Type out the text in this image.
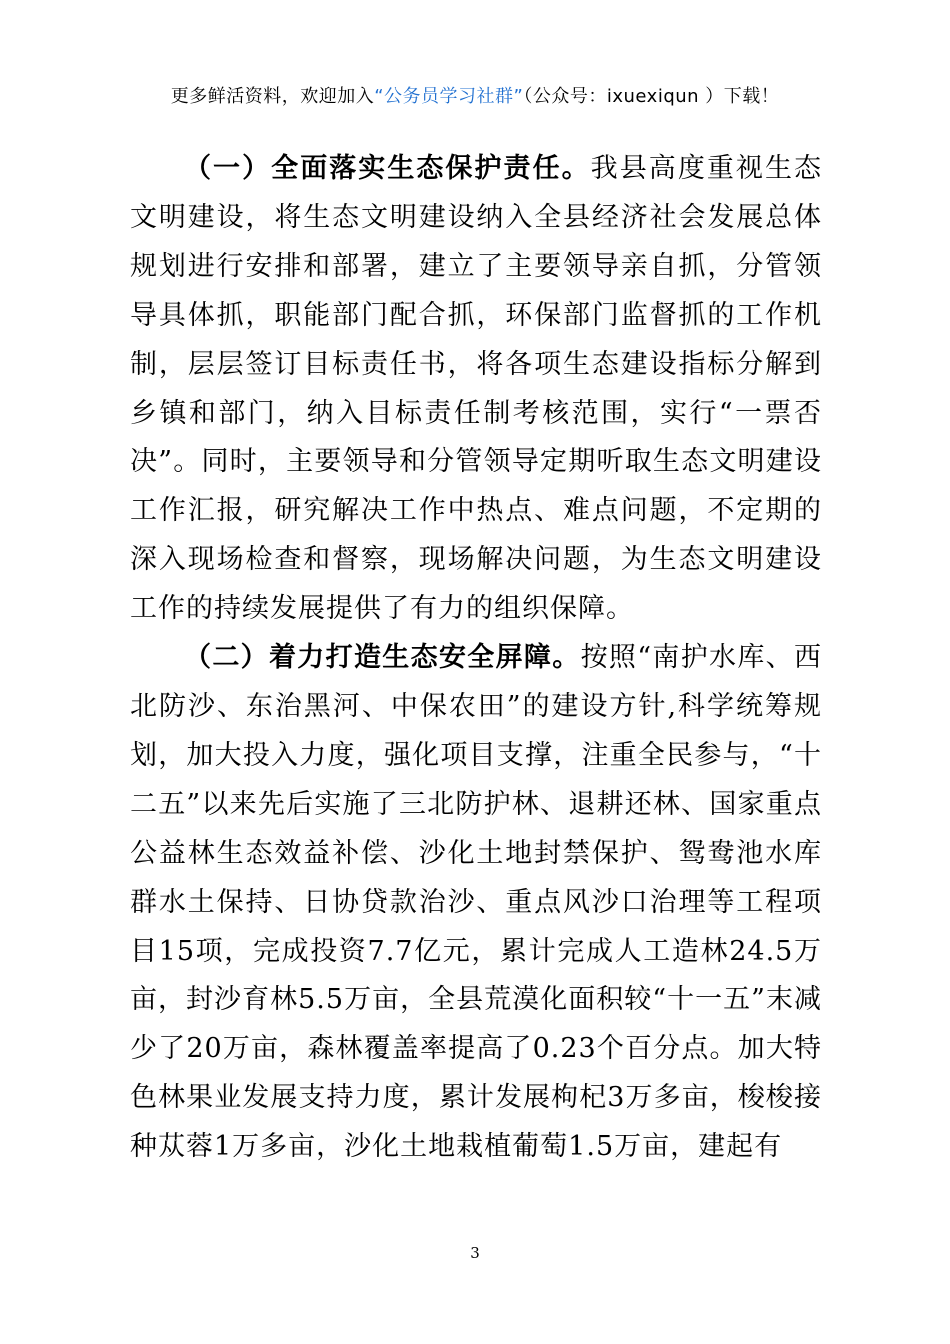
更多鲜活资料，欢迎加入“公务员学习社群”（公众号：ixuexiqun ）下载！

（一）全面落实生态保护责任。我县高度重视生态文明建设，将生态文明建设纳入全县经济社会发展总体规划进行安排和部署，建立了主要领导亲自抓，分管领导具体抓，职能部门配合抓，环保部门监督抓的工作机制，层层签订目标责任书，将各项生态建设指标分解到乡镇和部门，纳入目标责任制考核范围，实行“一票否决”。同时，主要领导和分管领导定期听取生态文明建设工作汇报，研究解决工作中热点、难点问题，不定期的深入现场检查和督察，现场解决问题，为生态文明建设工作的持续发展提供了有力的组织保障。

（二）着力打造生态安全屏障。按照“南护水库、西北防沙、东治黑河、中保农田”的建设方针,科学统筹规划，加大投入力度，强化项目支撑，注重全民参与，“十二五”以来先后实施了三北防护林、退耕还林、国家重点公益林生态效益补偿、沙化土地封禁保护、鸳鸯池水库群水土保持、日协贷款治沙、重点风沙口治理等工程项目15项，完成投资7.7亿元，累计完成人工造林24.5万亩，封沙育林5.5万亩，全县荒漠化面积较“十一五”末减少了20万亩，森林覆盖率提高了0.23个百分点。加大特色林果业发展支持力度，累计发展枸杞3万多亩，梭梭接种苁蓉1万多亩，沙化土地栽植葡萄1.5万亩，建起有

3
